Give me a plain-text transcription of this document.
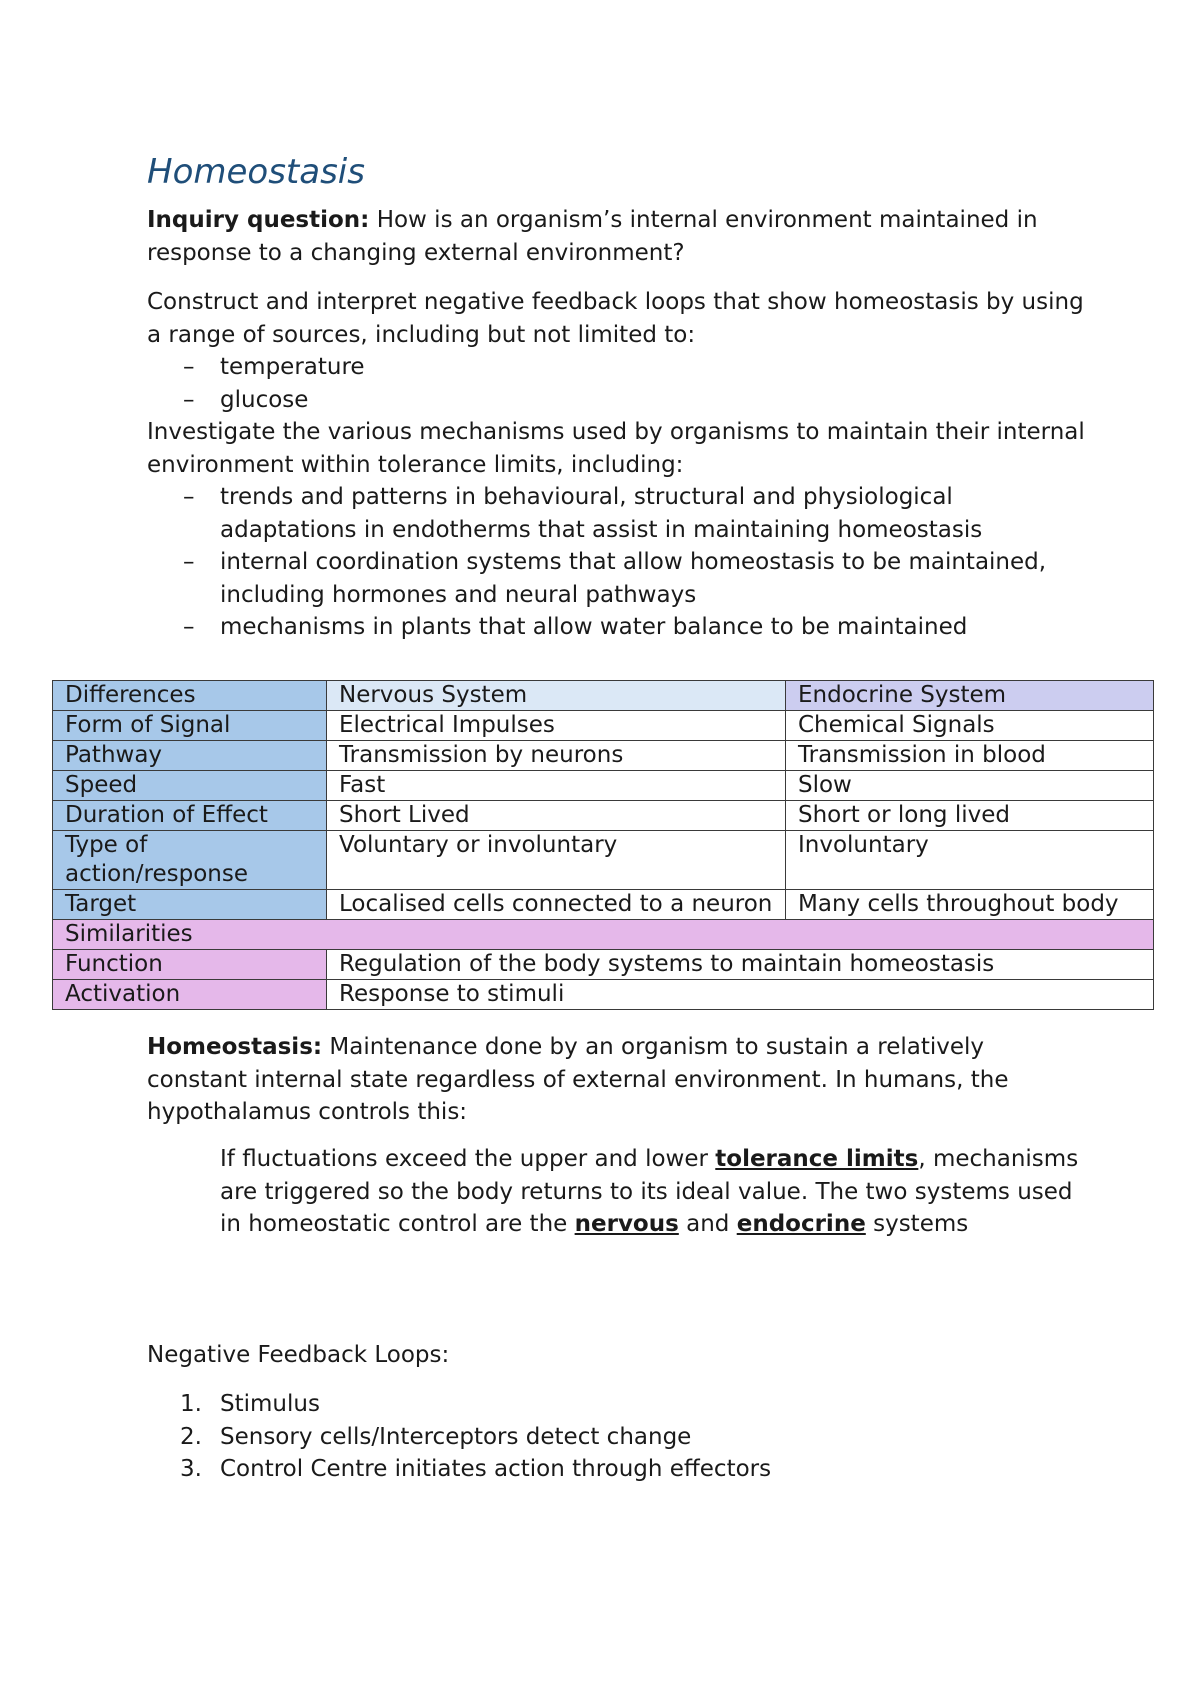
Homeostasis

Inquiry question: How is an organism’s internal environment maintained in response to a changing external environment?

Construct and interpret negative feedback loops that show homeostasis by using a range of sources, including but not limited to:

– temperature
– glucose

Investigate the various mechanisms used by organisms to maintain their internal environment within tolerance limits, including:

– trends and patterns in behavioural, structural and physiological adaptations in endotherms that assist in maintaining homeostasis
– internal coordination systems that allow homeostasis to be maintained, including hormones and neural pathways
– mechanisms in plants that allow water balance to be maintained
Differences	Nervous System	Endocrine System
Form of Signal	Electrical Impulses	Chemical Signals
Pathway	Transmission by neurons	Transmission in blood
Speed	Fast	Slow
Duration of Effect	Short Lived	Short or long lived
Type of action/response	Voluntary or involuntary	Involuntary
Target	Localised cells connected to a neuron	Many cells throughout body
Similarities		
Function	Regulation of the body systems to maintain homeostasis	
Activation	Response to stimuli	

Homeostasis: Maintenance done by an organism to sustain a relatively constant internal state regardless of external environment. In humans, the hypothalamus controls this:

If fluctuations exceed the upper and lower tolerance limits, mechanisms are triggered so the body returns to its ideal value. The two systems used in homeostatic control are the nervous and endocrine systems

Negative Feedback Loops:

1. Stimulus
2. Sensory cells/Interceptors detect change
3. Control Centre initiates action through effectors
